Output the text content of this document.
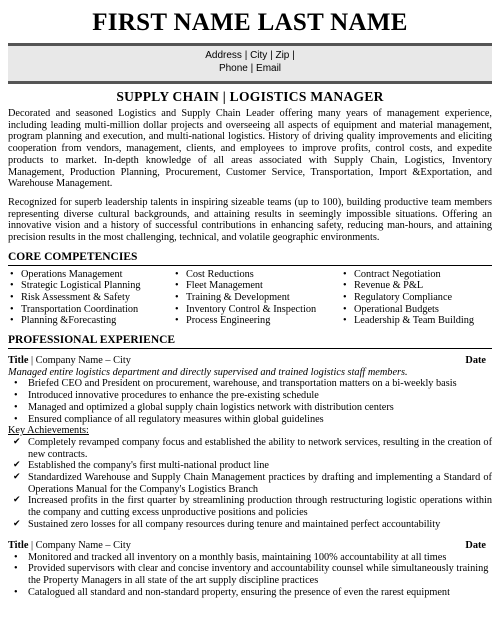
FIRST NAME LAST NAME
Address | City | Zip |
Phone | Email
SUPPLY CHAIN | LOGISTICS MANAGER

Decorated and seasoned Logistics and Supply Chain Leader offering many years of management experience, including leading multi-million dollar projects and overseeing all aspects of equipment and material management, program planning and execution, and multi-national logistics. History of driving quality improvements and eliciting cooperation from vendors, management, clients, and employees to improve profits, control costs, and expedite products to market. In-depth knowledge of all areas associated with Supply Chain, Logistics, Inventory Management, Production Planning, Procurement, Customer Service, Transportation, Import &Exportation, and Warehouse Management.

Recognized for superb leadership talents in inspiring sizeable teams (up to 100), building productive team members representing diverse cultural backgrounds, and attaining results in seemingly impossible situations. Offering an innovative vision and a history of successful contributions in enhancing safety, reducing man-hours, and attaining precision results in the most challenging, technical, and volatile geographic environments.

CORE COMPETENCIES
• Operations Management
• Strategic Logistical Planning
• Risk Assessment & Safety
• Transportation Coordination
• Planning &Forecasting
• Cost Reductions
• Fleet Management
• Training & Development
• Inventory Control & Inspection
• Process Engineering
• Contract Negotiation
• Revenue & P&L
• Regulatory Compliance
• Operational Budgets
• Leadership & Team Building
PROFESSIONAL EXPERIENCE
Title | Company Name – City	Date
Managed entire logistics department and directly supervised and trained logistics staff members.
• Briefed CEO and President on procurement, warehouse, and transportation matters on a bi-weekly basis
• Introduced innovative procedures to enhance the pre-existing schedule
• Managed and optimized a global supply chain logistics network with distribution centers
• Ensured compliance of all regulatory measures within global guidelines
Key Achievements:
✔ Completely revamped company focus and established the ability to network services, resulting in the creation of new contracts.
✔ Established the company's first multi-national product line
✔ Standardized Warehouse and Supply Chain Management practices by drafting and implementing a Standard of Operations Manual for the Company's Logistics Branch
✔ Increased profits in the first quarter by streamlining production through restructuring logistic operations within the company and cutting excess unproductive positions and policies
✔ Sustained zero losses for all company resources during tenure and maintained perfect accountability
Title | Company Name – City	Date
• Monitored and tracked all inventory on a monthly basis, maintaining 100% accountability at all times
• Provided supervisors with clear and concise inventory and accountability counsel while simultaneously training the Property Managers in all state of the art supply discipline practices
• Catalogued all standard and non-standard property, ensuring the presence of even the rarest equipment
